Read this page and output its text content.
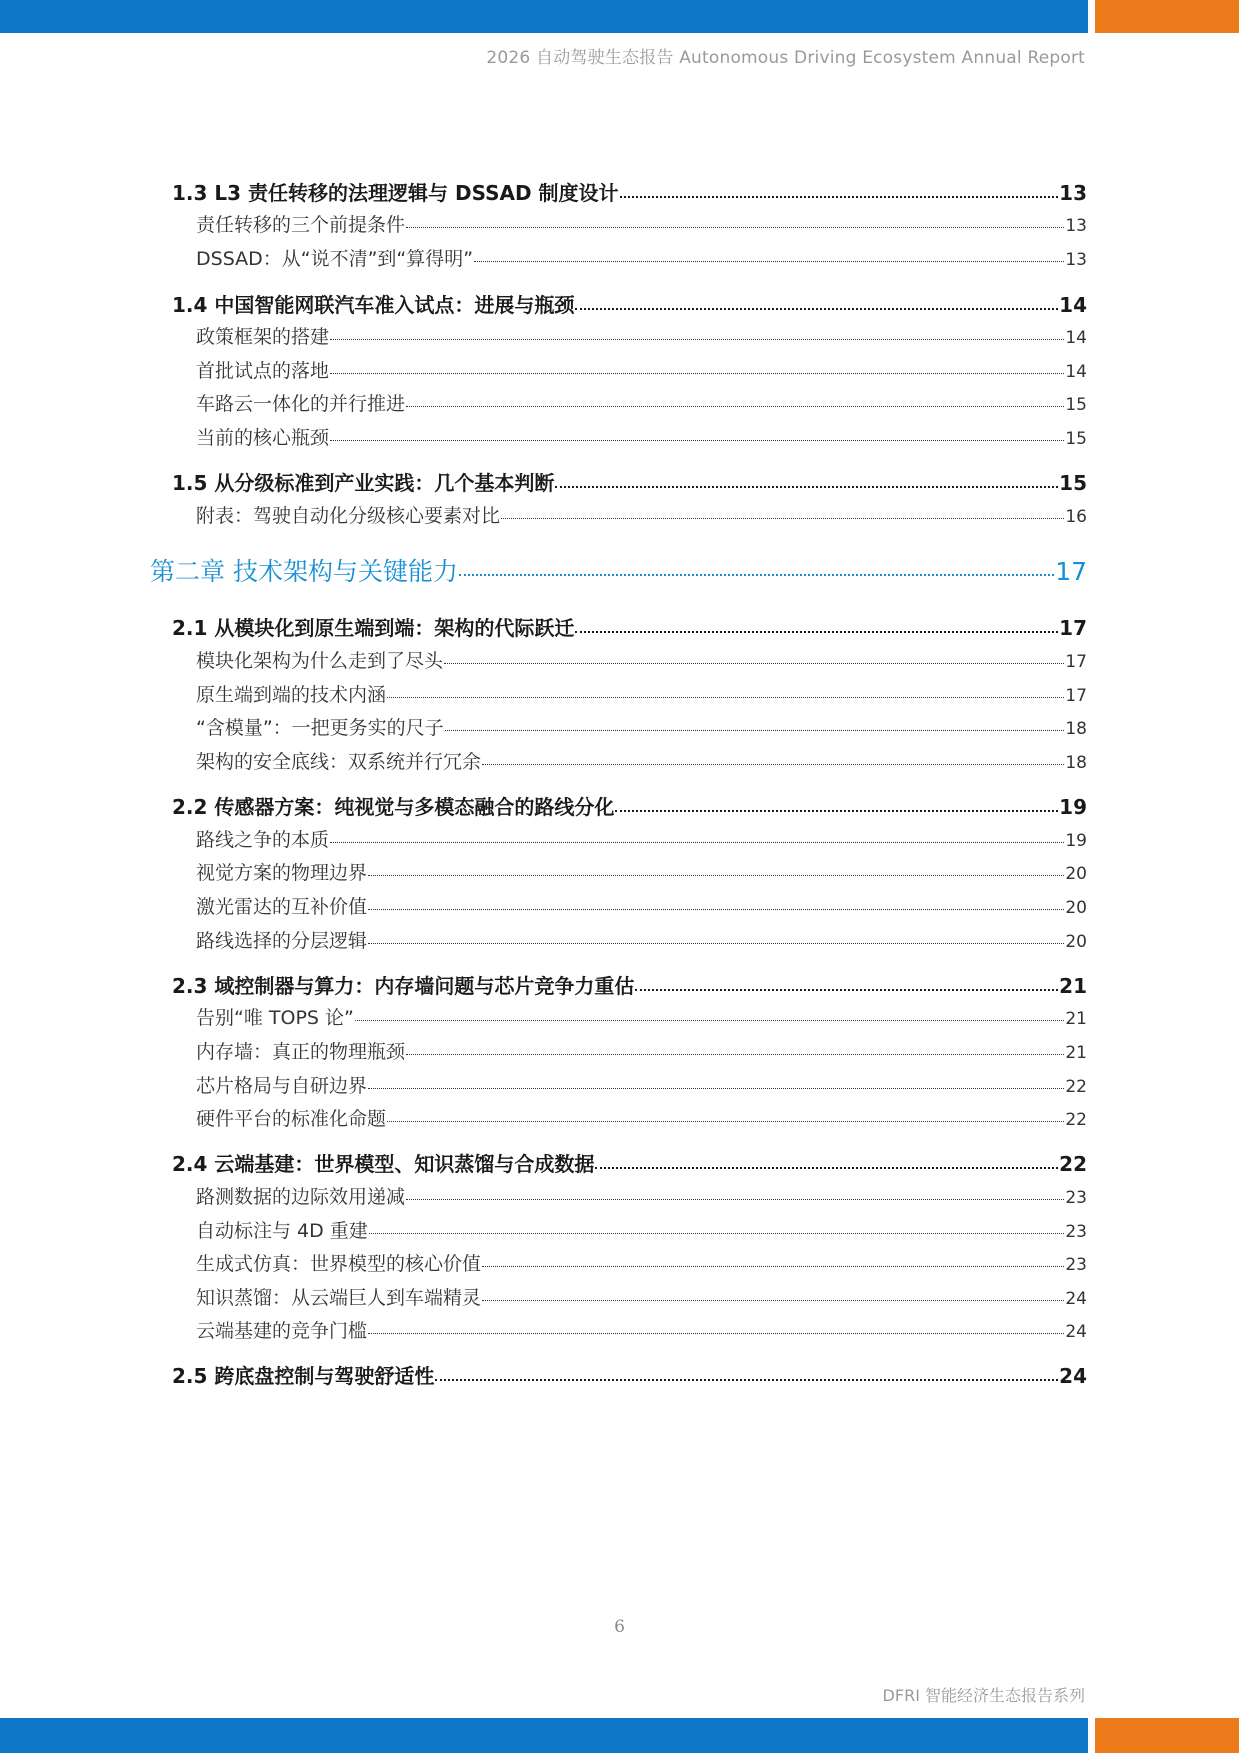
2026 自动驾驶生态报告 Autonomous Driving Ecosystem Annual Report
1.3 L3 责任转移的法理逻辑与 DSSAD 制度设计	13
责任转移的三个前提条件	13
DSSAD：从“说不清”到“算得明”	13
1.4 中国智能网联汽车准入试点：进展与瓶颈	14
政策框架的搭建	14
首批试点的落地	14
车路云一体化的并行推进	15
当前的核心瓶颈	15
1.5 从分级标准到产业实践：几个基本判断	15
附表：驾驶自动化分级核心要素对比	16
第二章 技术架构与关键能力	17
2.1 从模块化到原生端到端：架构的代际跃迁	17
模块化架构为什么走到了尽头	17
原生端到端的技术内涵	17
“含模量”：一把更务实的尺子	18
架构的安全底线：双系统并行冗余	18
2.2 传感器方案：纯视觉与多模态融合的路线分化	19
路线之争的本质	19
视觉方案的物理边界	20
激光雷达的互补价值	20
路线选择的分层逻辑	20
2.3 域控制器与算力：内存墙问题与芯片竞争力重估	21
告别“唯 TOPS 论”	21
内存墙：真正的物理瓶颈	21
芯片格局与自研边界	22
硬件平台的标准化命题	22
2.4 云端基建：世界模型、知识蒸馏与合成数据	22
路测数据的边际效用递减	23
自动标注与 4D 重建	23
生成式仿真：世界模型的核心价值	23
知识蒸馏：从云端巨人到车端精灵	24
云端基建的竞争门槛	24
2.5 跨底盘控制与驾驶舒适性	24
6
DFRI 智能经济生态报告系列
